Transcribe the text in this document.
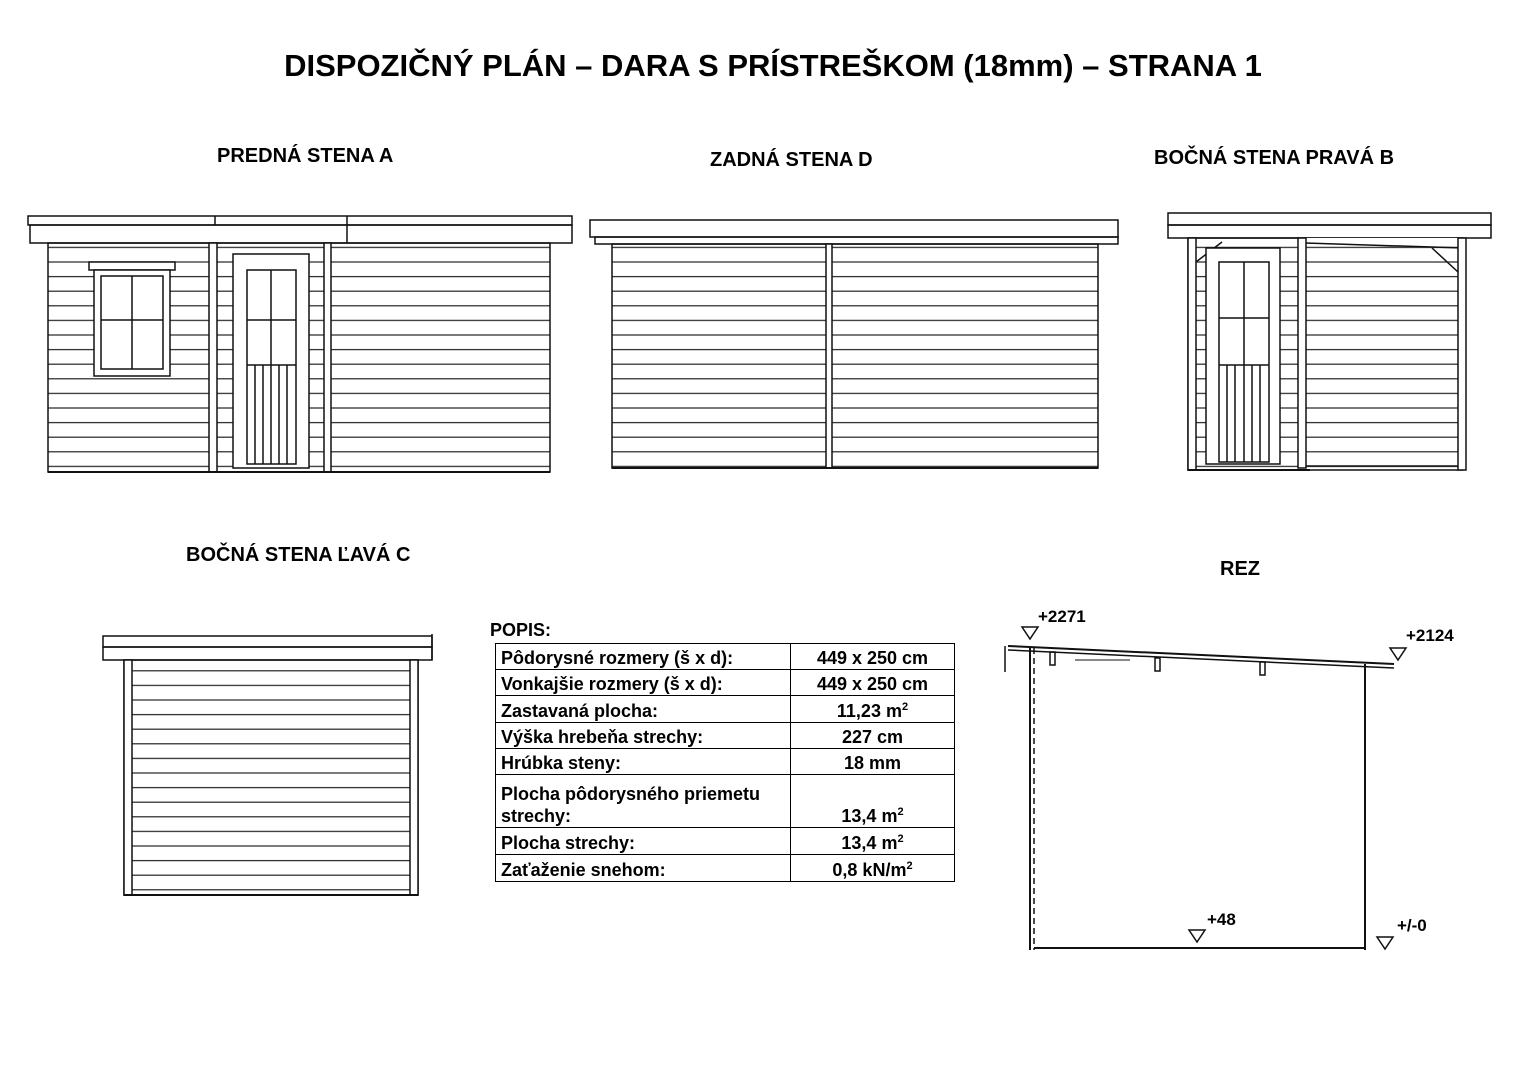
DISPOZIČNÝ PLÁN – DARA S PRÍSTREŠKOM (18mm) – STRANA 1
PREDNÁ STENA A	ZADNÁ STENA D	BOČNÁ STENA PRAVÁ B
BOČNÁ STENA ĽAVÁ C
REZ
+2271
+2124
+48	+/-0
POPIS:
Pôdorysné rozmery (š x d):	449 x 250 cm
Vonkajšie rozmery (š x d):	449 x 250 cm
Zastavaná plocha:	11,23 $m^2$
Výška hrebeňa strechy:	227 cm
Hrúbka steny:	18 mm
Plocha pôdorysného priemetu strechy:	13,4 $m^2$
Plocha strechy:	13,4 $m^2$
Zaťaženie snehom:	0,8 $kN/m^2$
